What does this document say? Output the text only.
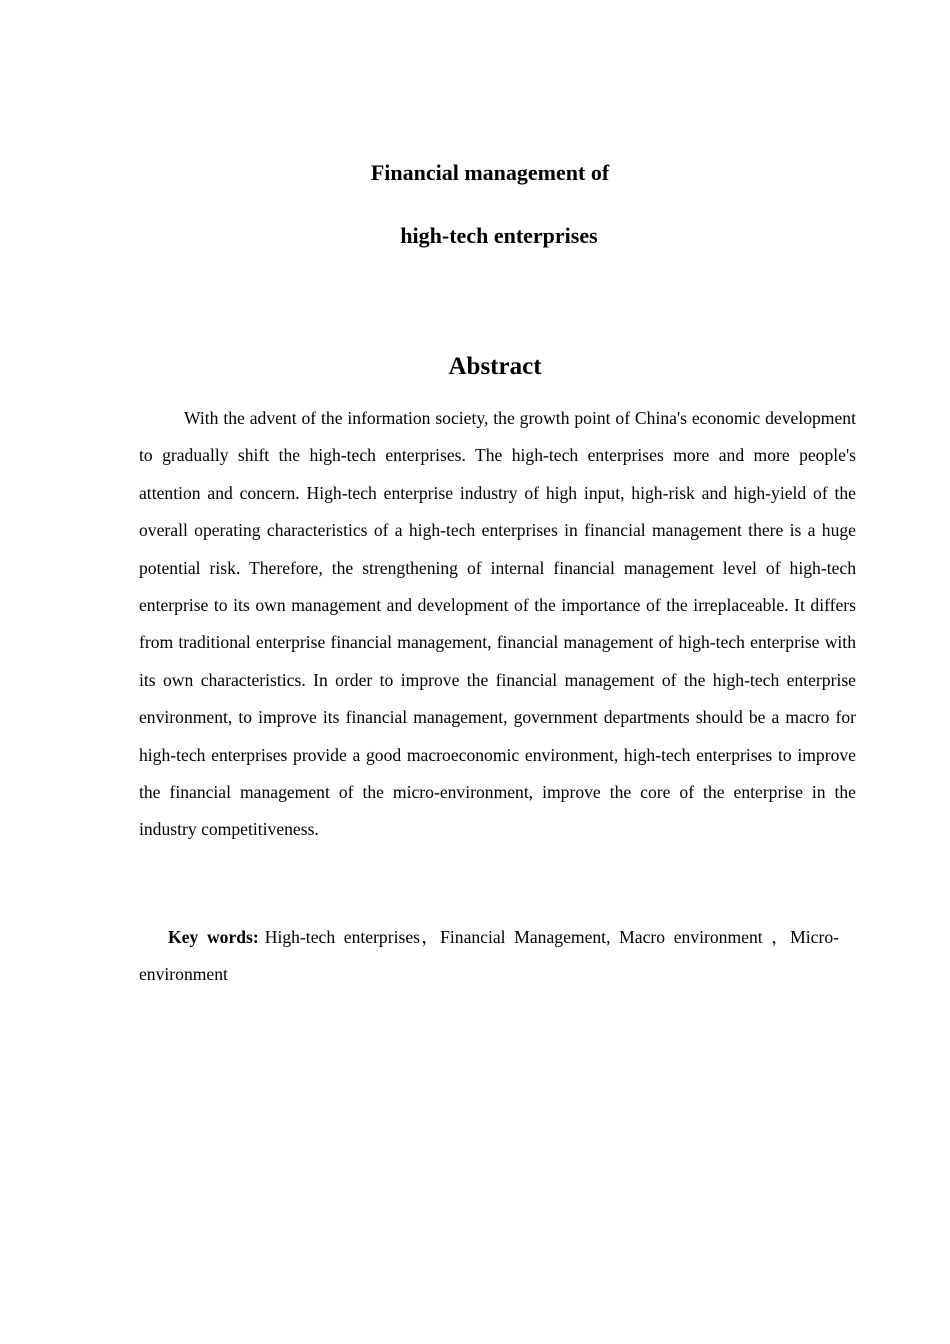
Financial management of
high-tech enterprises
Abstract

With the advent of the information society, the growth point of China's economic development to gradually shift the high-tech enterprises. The high-tech enterprises more and more people's attention and concern. High-tech enterprise industry of high input, high-risk and high-yield of the overall operating characteristics of a high-tech enterprises in financial management there is a huge potential risk. Therefore, the strengthening of internal financial management level of high-tech enterprise to its own management and development of the importance of the irreplaceable. It differs from traditional enterprise financial management, financial management of high-tech enterprise with its own characteristics. In order to improve the financial management of the high-tech enterprise environment, to improve its financial management, government departments should be a macro for high-tech enterprises provide a good macroeconomic environment, high-tech enterprises to improve the financial management of the micro-environment, improve the core of the enterprise in the industry competitiveness.

Key words: High-tech enterprises，Financial Management, Macro environment ，Micro-environment
